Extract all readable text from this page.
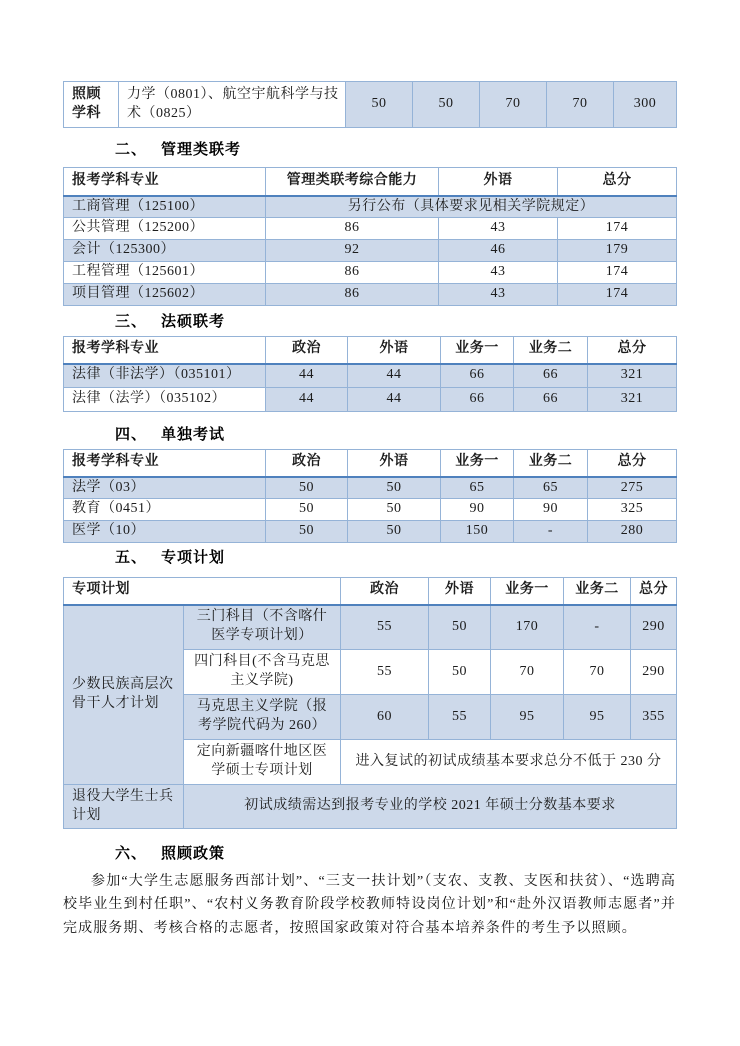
照顾学科	力学（0801）、航空宇航科学与技术（0825）	50	50	70	70	300
二、 管理类联考
报考学科专业	管理类联考综合能力	外语	总分
工商管理（125100）	另行公布（具体要求见相关学院规定）		
公共管理（125200）	86	43	174
会计（125300）	92	46	179
工程管理（125601）	86	43	174
项目管理（125602）	86	43	174
三、 法硕联考
报考学科专业	政治	外语	业务一	业务二	总分
法律（非法学）（035101）	44	44	66	66	321
法律（法学）（035102）	44	44	66	66	321
四、 单独考试
报考学科专业	政治	外语	业务一	业务二	总分
法学（03）	50	50	65	65	275
教育（0451）	50	50	90	90	325
医学（10）	50	50	150	-	280
五、 专项计划
专项计划		政治	外语	业务一	业务二	总分
少数民族高层次骨干人才计划	三门科目（不含喀什医学专项计划）	55	50	170	-	290
	四门科目(不含马克思主义学院)	55	50	70	70	290
	马克思主义学院（报考学院代码为 260）	60	55	95	95	355
	定向新疆喀什地区医学硕士专项计划	进入复试的初试成绩基本要求总分不低于 230 分				
退役大学生士兵计划	初试成绩需达到报考专业的学校 2021 年硕士分数基本要求					
六、 照顾政策

参加“大学生志愿服务西部计划”、“三支一扶计划”（支农、支教、支医和扶贫）、“选聘高校毕业生到村任职”、“农村义务教育阶段学校教师特设岗位计划”和“赴外汉语教师志愿者”并完成服务期、考核合格的志愿者，按照国家政策对符合基本培养条件的考生予以照顾。
